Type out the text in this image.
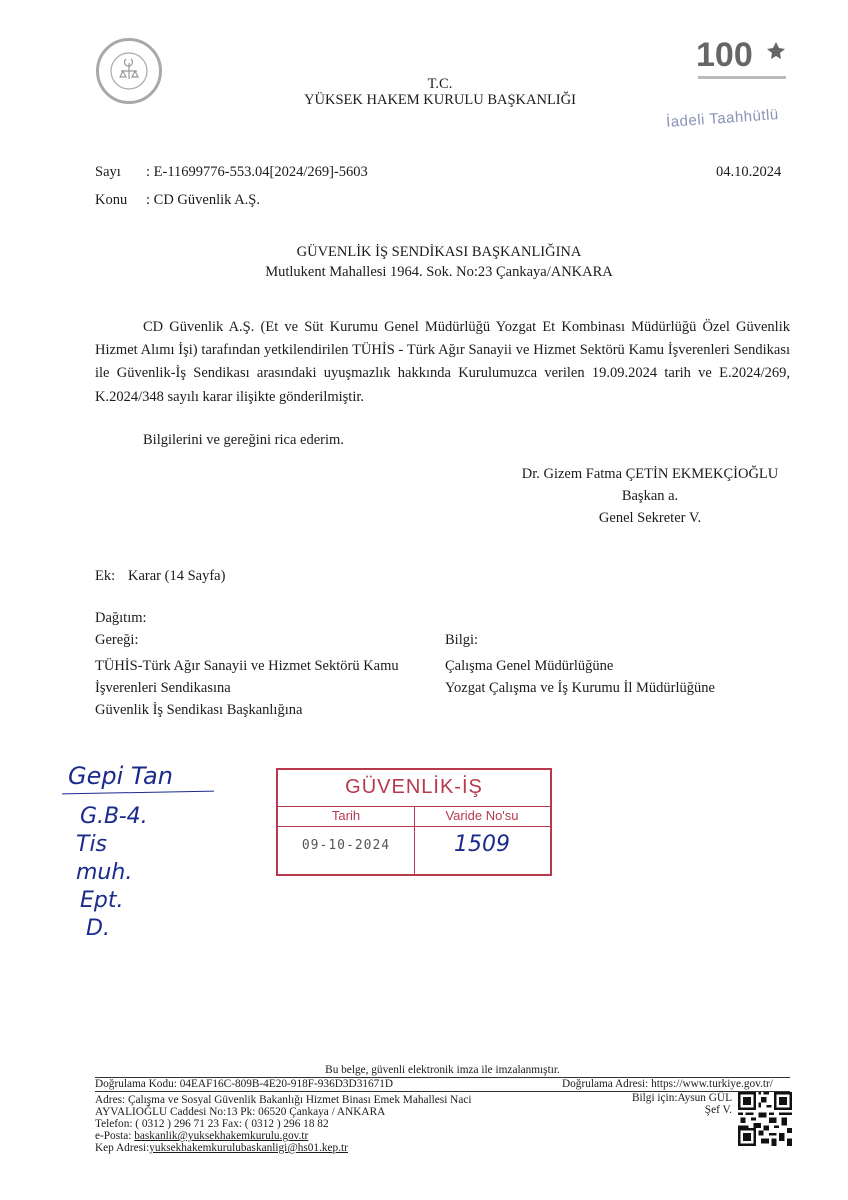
100
İadeli Taahhütlü
T.C.
YÜKSEK HAKEM KURULU BAŞKANLIĞI
Sayı : E-11699776-553.04[2024/269]-5603	04.10.2024
Konu : CD Güvenlik A.Ş.
GÜVENLİK İŞ SENDİKASI BAŞKANLIĞINA
Mutlukent Mahallesi 1964. Sok. No:23 Çankaya/ANKARA
CD Güvenlik A.Ş. (Et ve Süt Kurumu Genel Müdürlüğü Yozgat Et Kombinası Müdürlüğü Özel Güvenlik Hizmet Alımı İşi) tarafından yetkilendirilen TÜHİS - Türk Ağır Sanayii ve Hizmet Sektörü Kamu İşverenleri Sendikası ile Güvenlik-İş Sendikası arasındaki uyuşmazlık hakkında Kurulumuzca verilen 19.09.2024 tarih ve E.2024/269, K.2024/348 sayılı karar ilişikte gönderilmiştir.
Bilgilerini ve gereğini rica ederim.
Dr. Gizem Fatma ÇETİN EKMEKÇİOĞLU
Başkan a.
Genel Sekreter V.
Ek: Karar (14 Sayfa)
Dağıtım:
Gereği:
TÜHİS-Türk Ağır Sanayii ve Hizmet Sektörü Kamu
İşverenleri Sendikasına
Güvenlik İş Sendikası Başkanlığına
Bilgi:
Çalışma Genel Müdürlüğüne
Yozgat Çalışma ve İş Kurumu İl Müdürlüğüne
Gepi Tan
G.B-4.
Tis
muh.
Ept.
D.
GÜVENLİK-İŞ
Tarih	Varide No'su
09-10-2024	1509
Bu belge, güvenli elektronik imza ile imzalanmıştır.
Doğrulama Kodu: 04EAF16C-809B-4E20-918F-936D3D31671D	Doğrulama Adresi: https://www.turkiye.gov.tr/
Adres: Çalışma ve Sosyal Güvenlik Bakanlığı Hizmet Binası Emek Mahallesi Naci
AYVALIOĞLU Caddesi No:13 Pk: 06520 Çankaya / ANKARA
Telefon: ( 0312 ) 296 71 23 Fax: ( 0312 ) 296 18 82
e-Posta: baskanlik@yuksekhakemkurulu.gov.tr
Kep Adresi:yuksekhakemkurulubaskanligi@hs01.kep.tr
Bilgi için:Aysun GÜL
Şef V.
